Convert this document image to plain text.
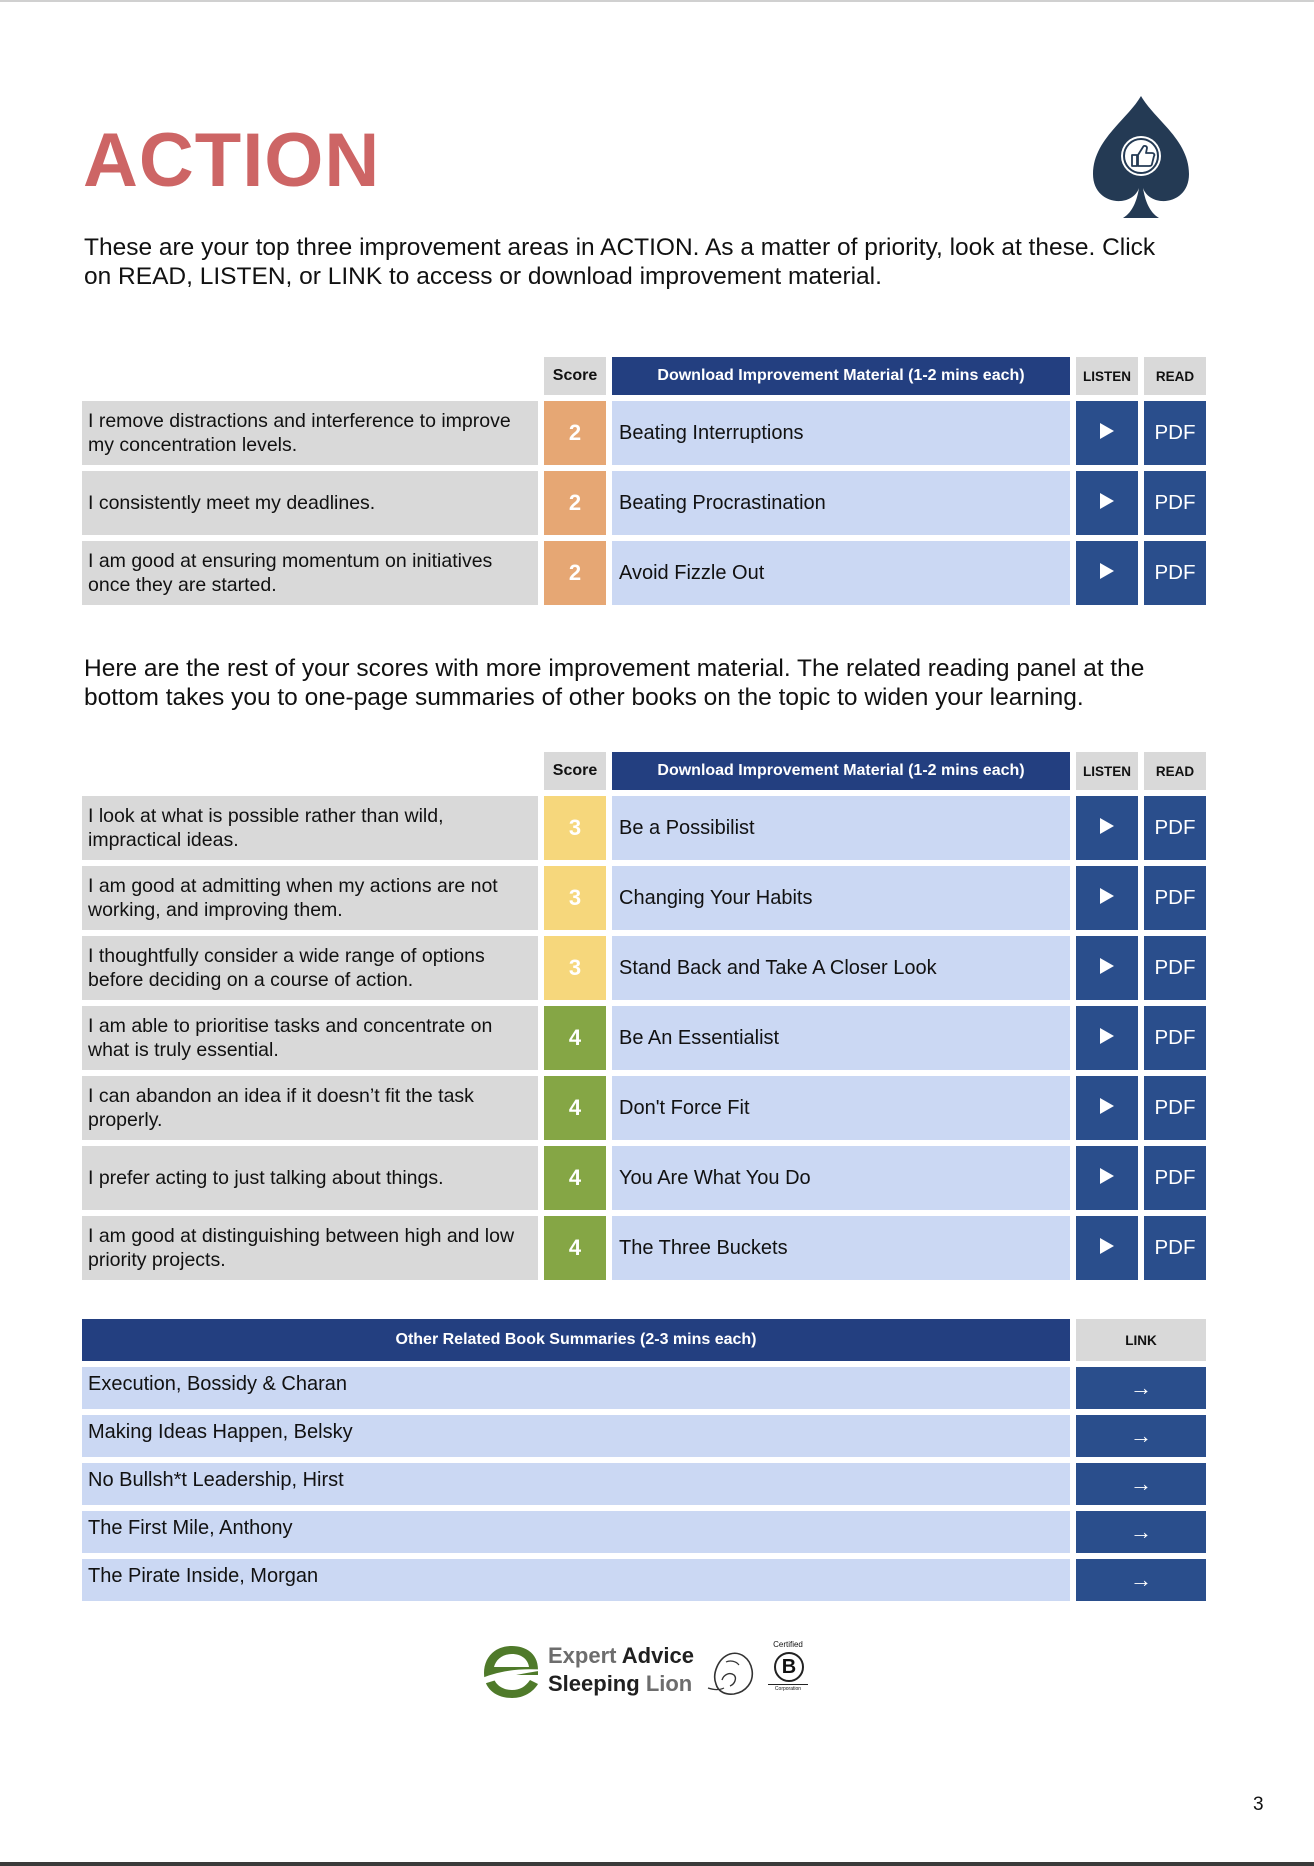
ACTION
These are your top three improvement areas in ACTION. As a matter of priority, look at these. Click on READ, LISTEN, or LINK to access or download improvement material.
	Score	Download Improvement Material (1-2 mins each)	LISTEN	READ
I remove distractions and interference to improve my concentration levels.	2	Beating Interruptions		PDF
I consistently meet my deadlines.	2	Beating Procrastination		PDF
I am good at ensuring momentum on initiatives once they are started.	2	Avoid Fizzle Out		PDF
Here are the rest of your scores with more improvement material. The related reading panel at the bottom takes you to one-page summaries of other books on the topic to widen your learning.
	Score	Download Improvement Material (1-2 mins each)	LISTEN	READ
I look at what is possible rather than wild, impractical ideas.	3	Be a Possibilist		PDF
I am good at admitting when my actions are not working, and improving them.	3	Changing Your Habits		PDF
I thoughtfully consider a wide range of options before deciding on a course of action.	3	Stand Back and Take A Closer Look		PDF
I am able to prioritise tasks and concentrate on what is truly essential.	4	Be An Essentialist		PDF
I can abandon an idea if it doesn’t fit the task properly.	4	Don't Force Fit		PDF
I prefer acting to just talking about things.	4	You Are What You Do		PDF
I am good at distinguishing between high and low priority projects.	4	The Three Buckets		PDF
Other Related Book Summaries (2-3 mins each)	LINK
Execution, Bossidy & Charan	→
Making Ideas Happen, Belsky	→
No Bullsh*t Leadership, Hirst	→
The First Mile, Anthony	→
The Pirate Inside, Morgan	→
Expert Advice
Sleeping Lion
Certified
B
Corporation
3
